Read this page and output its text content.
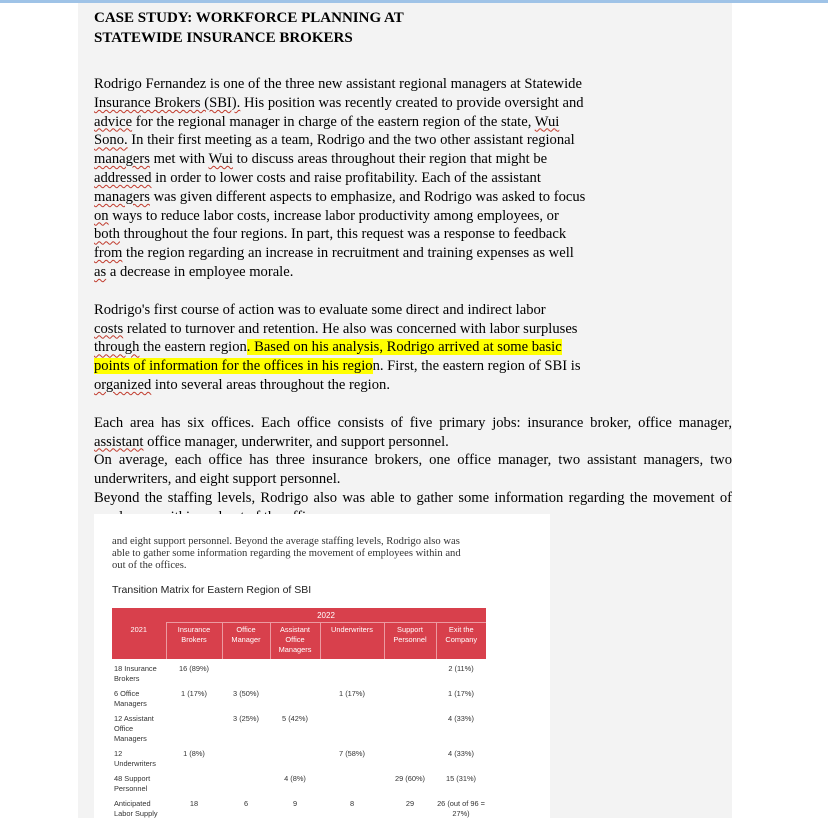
CASE STUDY: WORKFORCE PLANNING AT

STATEWIDE INSURANCE BROKERS

Rodrigo Fernandez is one of the three new assistant regional managers at Statewide

Insurance Brokers (SBI). His position was recently created to provide oversight and

advice for the regional manager in charge of the eastern region of the state, Wui

Sono. In their first meeting as a team, Rodrigo and the two other assistant regional

managers met with Wui to discuss areas throughout their region that might be

addressed in order to lower costs and raise profitability. Each of the assistant

managers was given different aspects to emphasize, and Rodrigo was asked to focus

on ways to reduce labor costs, increase labor productivity among employees, or

both throughout the four regions. In part, this request was a response to feedback

from the region regarding an increase in recruitment and training expenses as well

as a decrease in employee morale.

Rodrigo's first course of action was to evaluate some direct and indirect labor

costs related to turnover and retention. He also was concerned with labor surpluses

through the eastern region. Based on his analysis, Rodrigo arrived at some basic

points of information for the offices in his region. First, the eastern region of SBI is

organized into several areas throughout the region.

Each area has six offices. Each office consists of five primary jobs: insurance broker, office manager, assistant office manager, underwriter, and support personnel.

On average, each office has three insurance brokers, one office manager, two assistant managers, two underwriters, and eight support personnel.

Beyond the staffing levels, Rodrigo also was able to gather some information regarding the movement of

and eight support personnel. Beyond the average staffing levels, Rodrigo also was
able to gather some information regarding the movement of employees within and
out of the offices.
Transition Matrix for Eastern Region of SBI
	2022					
2021	Insurance Brokers	Office Manager	Assistant Office Managers	Underwriters	Support Personnel	Exit the Company
18 Insurance Brokers	16 (89%)					2 (11%)
6 Office Managers	1 (17%)	3 (50%)		1 (17%)		1 (17%)
12 Assistant Office Managers		3 (25%)	5 (42%)			4 (33%)
12 Underwriters	1 (8%)			7 (58%)		4 (33%)
48 Support Personnel			4 (8%)		29 (60%)	15 (31%)
Anticipated Labor Supply	18	6	9	8	29	26 (out of 96 = 27%)
